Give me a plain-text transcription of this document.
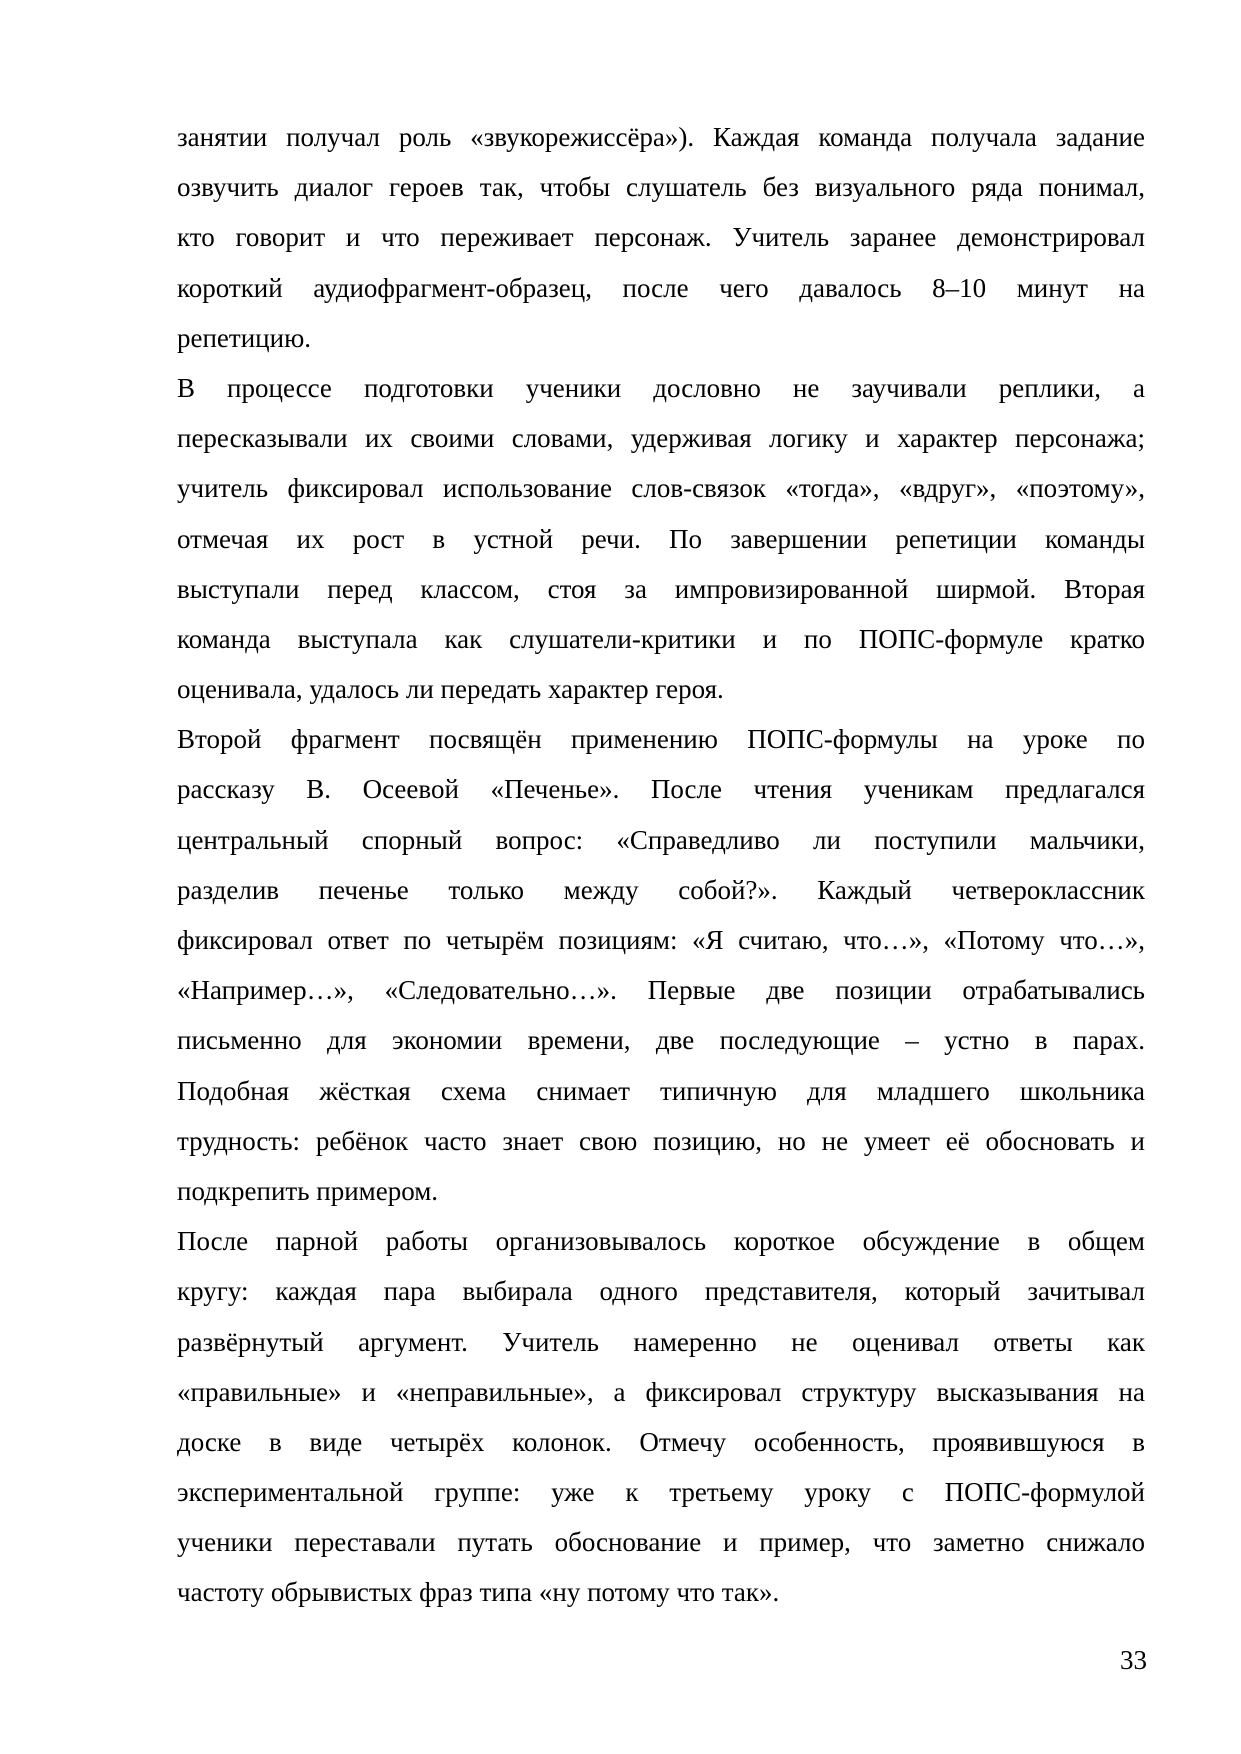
занятии получал роль «звукорежиссёра»). Каждая команда получала задание
озвучить диалог героев так, чтобы слушатель без визуального ряда понимал,
кто говорит и что переживает персонаж. Учитель заранее демонстрировал
короткий аудиофрагмент-образец, после чего давалось 8–10 минут на
репетицию.
В процессе подготовки ученики дословно не заучивали реплики, а
пересказывали их своими словами, удерживая логику и характер персонажа;
учитель фиксировал использование слов-связок «тогда», «вдруг», «поэтому»,
отмечая их рост в устной речи. По завершении репетиции команды
выступали перед классом, стоя за импровизированной ширмой. Вторая
команда выступала как слушатели-критики и по ПОПС-формуле кратко
оценивала, удалось ли передать характер героя.
Второй фрагмент посвящён применению ПОПС-формулы на уроке по
рассказу В. Осеевой «Печенье». После чтения ученикам предлагался
центральный спорный вопрос: «Справедливо ли поступили мальчики,
разделив печенье только между собой?». Каждый четвероклассник
фиксировал ответ по четырём позициям: «Я считаю, что…», «Потому что…»,
«Например…», «Следовательно…». Первые две позиции отрабатывались
письменно для экономии времени, две последующие – устно в парах.
Подобная жёсткая схема снимает типичную для младшего школьника
трудность: ребёнок часто знает свою позицию, но не умеет её обосновать и
подкрепить примером.
После парной работы организовывалось короткое обсуждение в общем
кругу: каждая пара выбирала одного представителя, который зачитывал
развёрнутый аргумент. Учитель намеренно не оценивал ответы как
«правильные» и «неправильные», а фиксировал структуру высказывания на
доске в виде четырёх колонок. Отмечу особенность, проявившуюся в
экспериментальной группе: уже к третьему уроку с ПОПС-формулой
ученики переставали путать обоснование и пример, что заметно снижало
частоту обрывистых фраз типа «ну потому что так».
33
